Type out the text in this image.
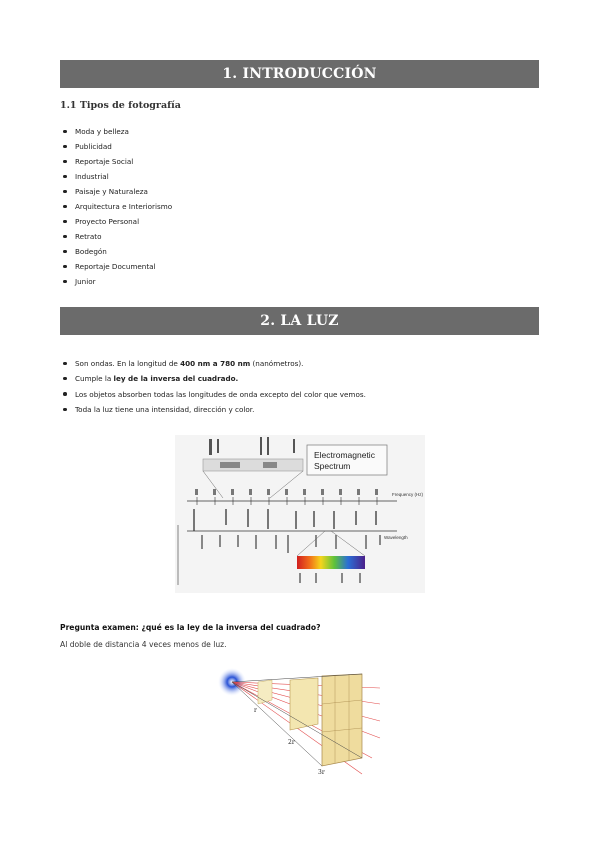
1. INTRODUCCIÓN
1.1 Tipos de fotografía
Moda y belleza
Publicidad
Reportaje Social
Industrial
Paisaje y Naturaleza
Arquitectura e Interiorismo
Proyecto Personal
Retrato
Bodegón
Reportaje Documental
Junior
2. LA LUZ
Son ondas. En la longitud de 400 nm a 780 nm (nanómetros).
Cumple la ley de la inversa del cuadrado.
Los objetos absorben todas las longitudes de onda excepto del color que vemos.
Toda la luz tiene una intensidad, dirección y color.
Electromagnetic
Spectrum
Frequency (Hz)
Wavelength
Pregunta examen: ¿qué es la ley de la inversa del cuadrado?
Al doble de distancia 4 veces menos de luz.
r
2r
3r
